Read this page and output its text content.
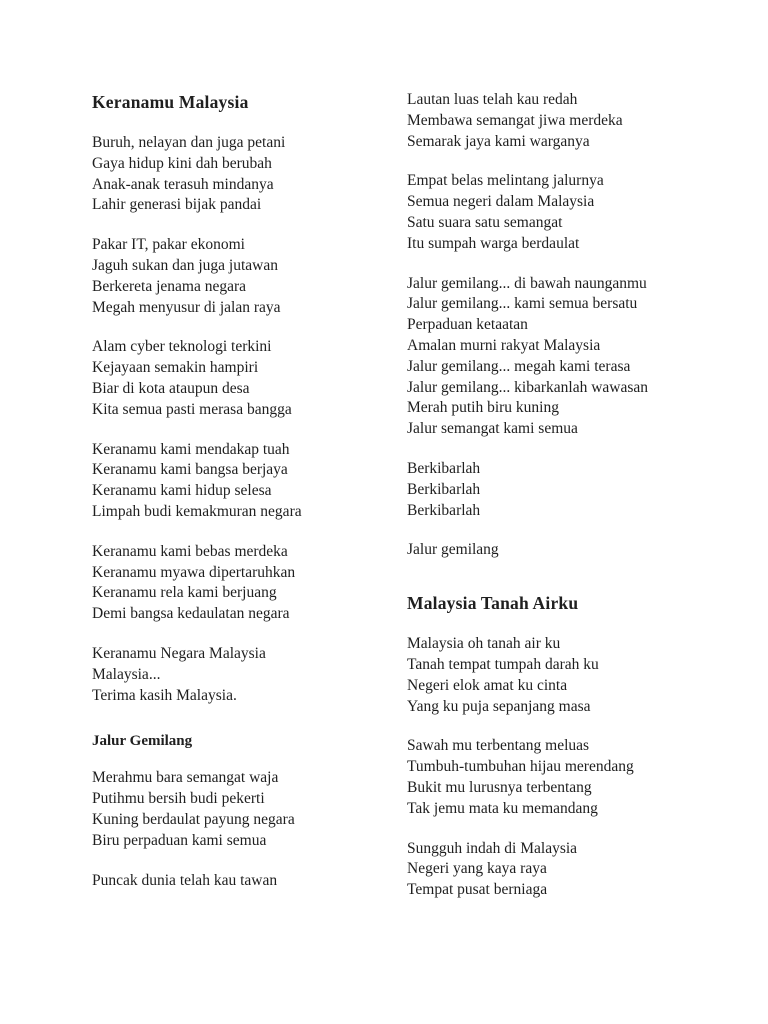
Keranamu Malaysia

Buruh, nelayan dan juga petani

Gaya hidup kini dah berubah

Anak-anak terasuh mindanya

Lahir generasi bijak pandai

Pakar IT, pakar ekonomi

Jaguh sukan dan juga jutawan

Berkereta jenama negara

Megah menyusur di jalan raya

Alam cyber teknologi terkini

Kejayaan semakin hampiri

Biar di kota ataupun desa

Kita semua pasti merasa bangga

Keranamu kami mendakap tuah

Keranamu kami bangsa berjaya

Keranamu kami hidup selesa

Limpah budi kemakmuran negara

Keranamu kami bebas merdeka

Keranamu myawa dipertaruhkan

Keranamu rela kami berjuang

Demi bangsa kedaulatan negara

Keranamu Negara Malaysia

Malaysia...

Terima kasih Malaysia.

Jalur Gemilang

Merahmu bara semangat waja

Putihmu bersih budi pekerti

Kuning berdaulat payung negara

Biru perpaduan kami semua

Puncak dunia telah kau tawan

Lautan luas telah kau redah

Membawa semangat jiwa merdeka

Semarak jaya kami warganya

Empat belas melintang jalurnya

Semua negeri dalam Malaysia

Satu suara satu semangat

Itu sumpah warga berdaulat

Jalur gemilang... di bawah naunganmu

Jalur gemilang... kami semua bersatu

Perpaduan ketaatan

Amalan murni rakyat Malaysia

Jalur gemilang... megah kami terasa

Jalur gemilang... kibarkanlah wawasan

Merah putih biru kuning

Jalur semangat kami semua

Berkibarlah

Berkibarlah

Berkibarlah

Jalur gemilang

Malaysia Tanah Airku

Malaysia oh tanah air ku

Tanah tempat tumpah darah ku

Negeri elok amat ku cinta

Yang ku puja sepanjang masa

Sawah mu terbentang meluas

Tumbuh-tumbuhan hijau merendang

Bukit mu lurusnya terbentang

Tak jemu mata ku memandang

Sungguh indah di Malaysia

Negeri yang kaya raya

Tempat pusat berniaga
